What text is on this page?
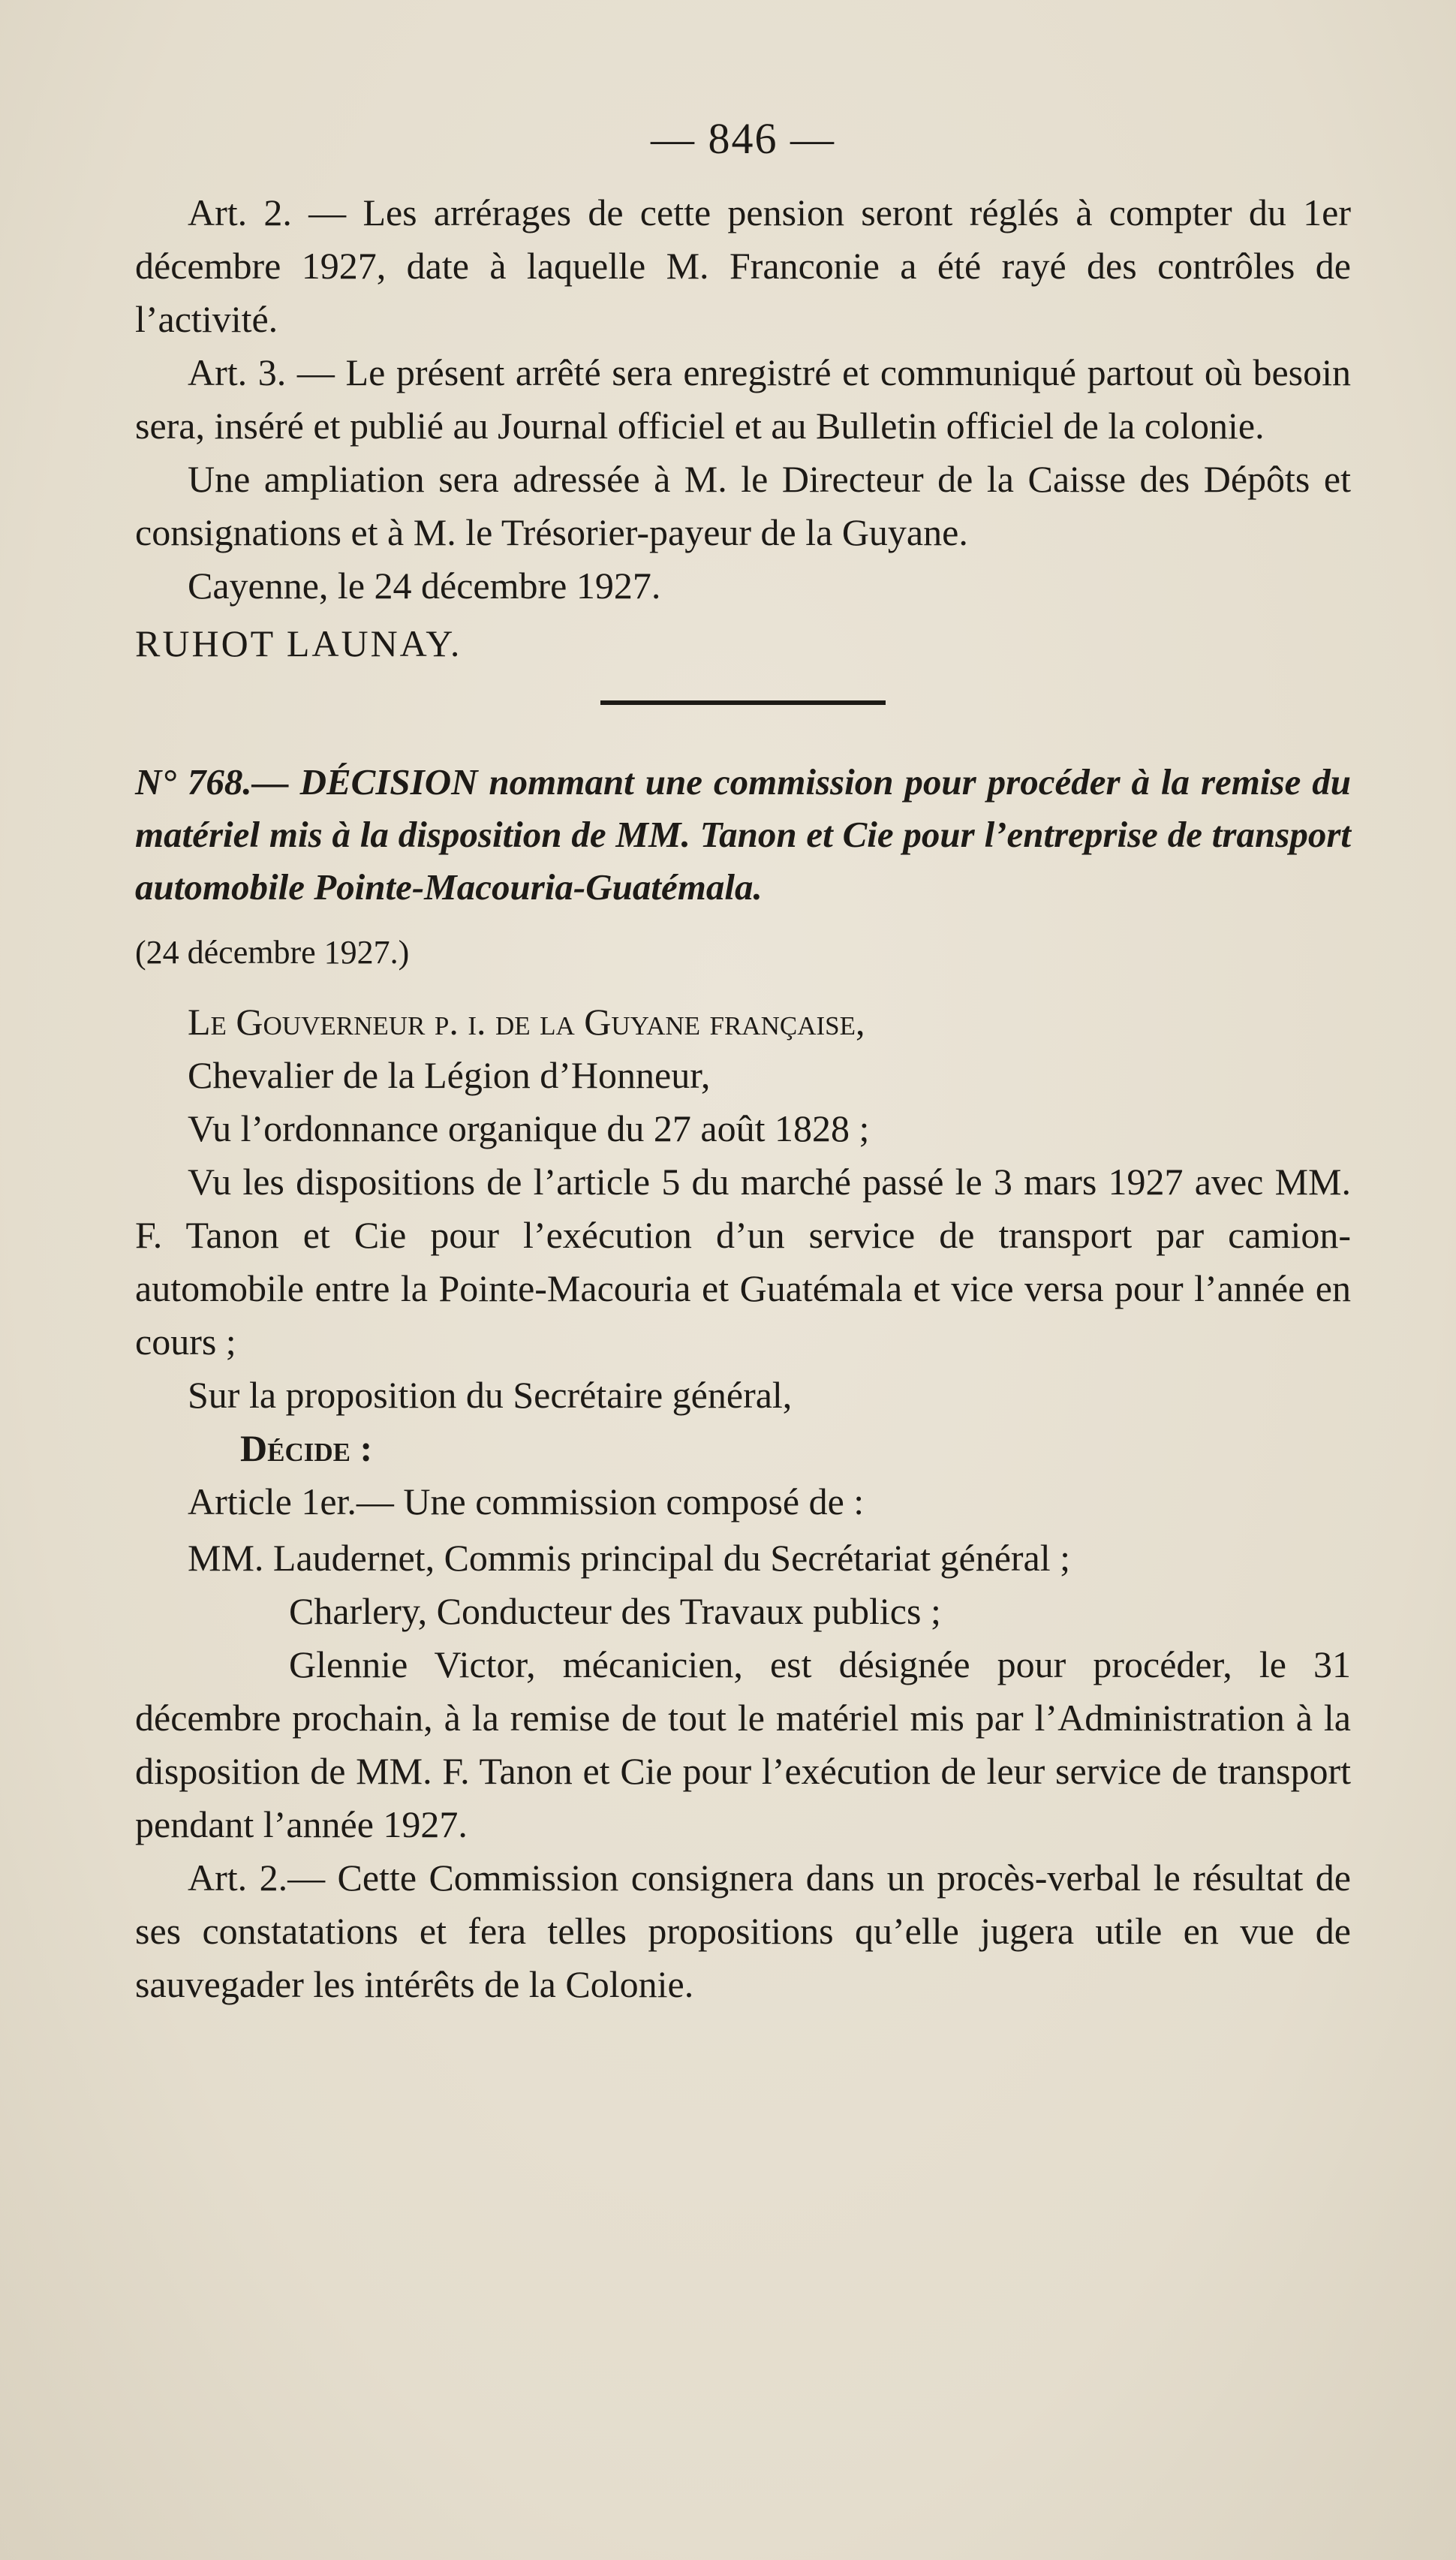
— 846 —

Art. 2. — Les arrérages de cette pension seront réglés à compter du 1er décembre 1927, date à laquelle M. Franconie a été rayé des contrôles de l’activité.

Art. 3. — Le présent arrêté sera enregistré et communiqué partout où besoin sera, inséré et publié au Journal officiel et au Bulletin officiel de la colonie.

Une ampliation sera adressée à M. le Directeur de la Caisse des Dépôts et consignations et à M. le Trésorier-payeur de la Guyane.

Cayenne, le 24 décembre 1927.

RUHOT LAUNAY.

N° 768.— DÉCISION nommant une commission pour procéder à la remise du matériel mis à la disposition de MM. Tanon et Cie pour l’entreprise de transport automobile Pointe-Macouria-Guatémala.

(24 décembre 1927.)

Le Gouverneur p. i. de la Guyane française,

Chevalier de la Légion d’Honneur,

Vu l’ordonnance organique du 27 août 1828 ;

Vu les dispositions de l’article 5 du marché passé le 3 mars 1927 avec MM. F. Tanon et Cie pour l’exécution d’un service de transport par camion-automobile entre la Pointe-Macouria et Guatémala et vice versa pour l’année en cours ;

Sur la proposition du Secrétaire général,

Décide :

Article 1er.— Une commission composé de :

MM. Laudernet, Commis principal du Secrétariat général ;

Charlery, Conducteur des Travaux publics ;

Glennie Victor, mécanicien, est désignée pour procéder, le 31 décembre prochain, à la remise de tout le matériel mis par l’Administration à la disposition de MM. F. Tanon et Cie pour l’exécution de leur service de transport pendant l’année 1927.

Art. 2.— Cette Commission consignera dans un procès-verbal le résultat de ses constatations et fera telles propositions qu’elle jugera utile en vue de sauvegader les intérêts de la Colonie.
